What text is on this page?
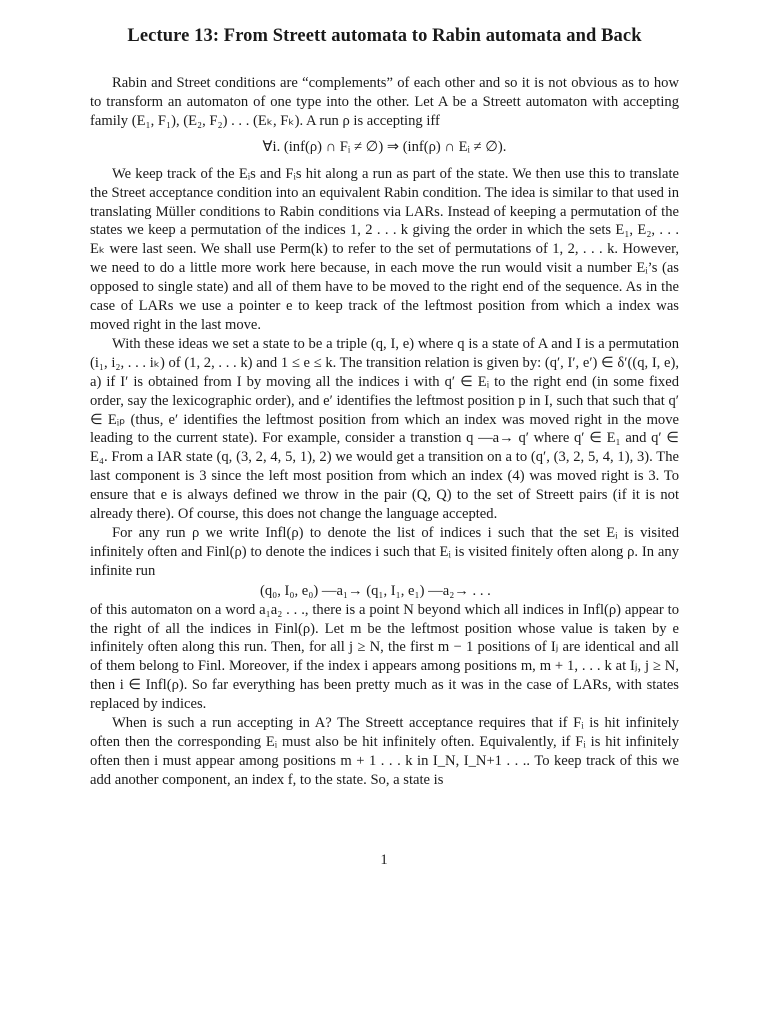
Lecture 13: From Streett automata to Rabin automata and Back

Rabin and Street conditions are “complements” of each other and so it is not obvious as to how to transform an automaton of one type into the other. Let A be a Streett automaton with accepting family (E₁, F₁), (E₂, F₂) . . . (Eₖ, Fₖ). A run ρ is accepting iff

∀i. (inf(ρ) ∩ Fᵢ ≠ ∅) ⇒ (inf(ρ) ∩ Eᵢ ≠ ∅).

We keep track of the Eᵢs and Fᵢs hit along a run as part of the state. We then use this to translate the Street acceptance condition into an equivalent Rabin condition. The idea is similar to that used in translating Müller conditions to Rabin conditions via LARs. Instead of keeping a permutation of the states we keep a permutation of the indices 1, 2 . . . k giving the order in which the sets E₁, E₂, . . . Eₖ were last seen. We shall use Perm(k) to refer to the set of permutations of 1, 2, . . . k. However, we need to do a little more work here because, in each move the run would visit a number Eᵢ’s (as opposed to single state) and all of them have to be moved to the right end of the sequence. As in the case of LARs we use a pointer e to keep track of the leftmost position from which a index was moved right in the last move.

With these ideas we set a state to be a triple (q, I, e) where q is a state of A and I is a permutation (i₁, i₂, . . . iₖ) of (1, 2, . . . k) and 1 ≤ e ≤ k. The transition relation is given by: (q′, I′, e′) ∈ δ′((q, I, e), a) if I′ is obtained from I by moving all the indices i with q′ ∈ Eᵢ to the right end (in some fixed order, say the lexicographic order), and e′ identifies the leftmost position p in I, such that such that q′ ∈ Eᵢₚ (thus, e′ identifies the leftmost position from which an index was moved right in the move leading to the current state). For example, consider a transtion q —a→ q′ where q′ ∈ E₁ and q′ ∈ E₄. From a IAR state (q, (3, 2, 4, 5, 1), 2) we would get a transition on a to (q′, (3, 2, 5, 4, 1), 3). The last component is 3 since the left most position from which an index (4) was moved right is 3. To ensure that e is always defined we throw in the pair (Q, Q) to the set of Streett pairs (if it is not already there). Of course, this does not change the language accepted.

For any run ρ we write Infl(ρ) to denote the list of indices i such that the set Eᵢ is visited infinitely often and Finl(ρ) to denote the indices i such that Eᵢ is visited finitely often along ρ. In any infinite run

(q₀, I₀, e₀) —a₁→ (q₁, I₁, e₁) —a₂→ . . .

of this automaton on a word a₁a₂ . . ., there is a point N beyond which all indices in Infl(ρ) appear to the right of all the indices in Finl(ρ). Let m be the leftmost position whose value is taken by e infinitely often along this run. Then, for all j ≥ N, the first m − 1 positions of Iⱼ are identical and all of them belong to Finl. Moreover, if the index i appears among positions m, m + 1, . . . k at Iⱼ, j ≥ N, then i ∈ Infl(ρ). So far everything has been pretty much as it was in the case of LARs, with states replaced by indices.

When is such a run accepting in A? The Streett acceptance requires that if Fᵢ is hit infinitely often then the corresponding Eᵢ must also be hit infinitely often. Equivalently, if Fᵢ is hit infinitely often then i must appear among positions m + 1 . . . k in I_N, I_N+1 . . .. To keep track of this we add another component, an index f, to the state. So, a state is

1
